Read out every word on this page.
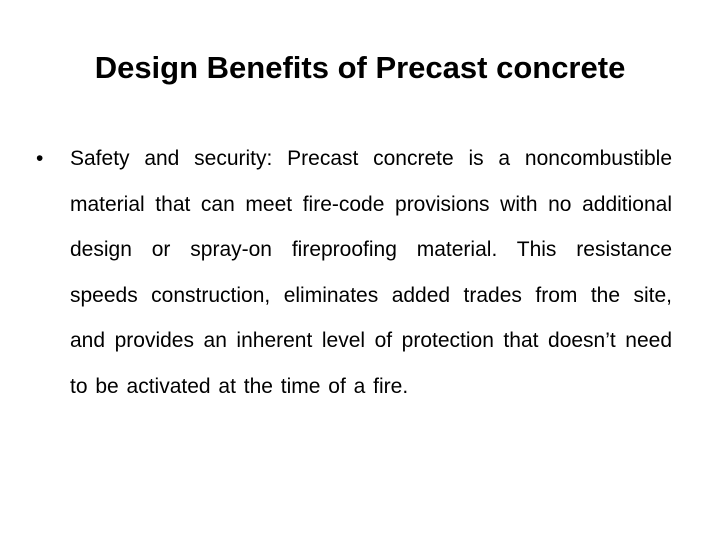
Design Benefits of Precast concrete
• Safety and security: Precast concrete is a noncombustible material that can meet fire-code provisions with no additional design or spray-on fireproofing material. This resistance speeds construction, eliminates added trades from the site, and provides an inherent level of protection that doesn’t need to be activated at the time of a fire.
